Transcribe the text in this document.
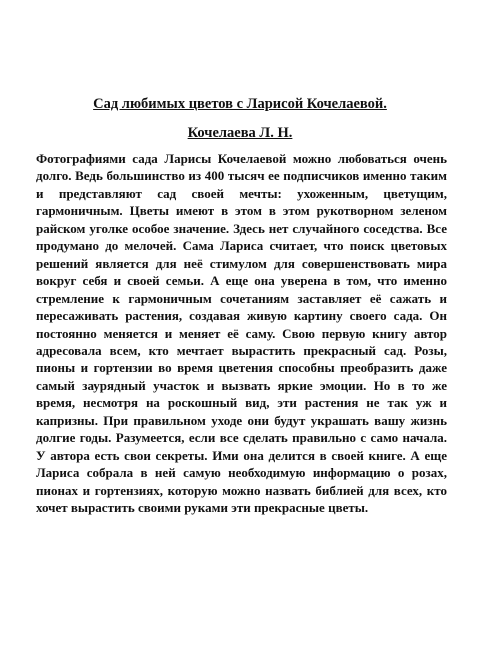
Сад любимых цветов с Ларисой Кочелаевой.
Кочелаева Л. Н.

Фотографиями сада Ларисы Кочелаевой можно любоваться очень долго. Ведь большинство из 400 тысяч ее подписчиков именно таким и представляют сад своей мечты: ухоженным, цветущим, гармоничным. Цветы имеют в этом в этом рукотворном зеленом райском уголке особое значение. Здесь нет случайного соседства. Все продумано до мелочей. Сама Лариса считает, что поиск цветовых решений является для неё стимулом для совершенствовать мира вокруг себя и своей семьи. А еще она уверена в том, что именно стремление к гармоничным сочетаниям заставляет её сажать и пересаживать растения, создавая живую картину своего сада. Он постоянно меняется и меняет её саму. Свою первую книгу автор адресовала всем, кто мечтает вырастить прекрасный сад. Розы, пионы и гортензии во время цветения способны преобразить даже самый заурядный участок и вызвать яркие эмоции. Но в то же время, несмотря на роскошный вид, эти растения не так уж и капризны. При правильном уходе они будут украшать вашу жизнь долгие годы. Разумеется, если все сделать правильно с само начала. У автора есть свои секреты. Ими она делится в своей книге. А еще Лариса собрала в ней самую необходимую информацию о розах, пионах и гортензиях, которую можно назвать библией для всех, кто хочет вырастить своими руками эти прекрасные цветы.
